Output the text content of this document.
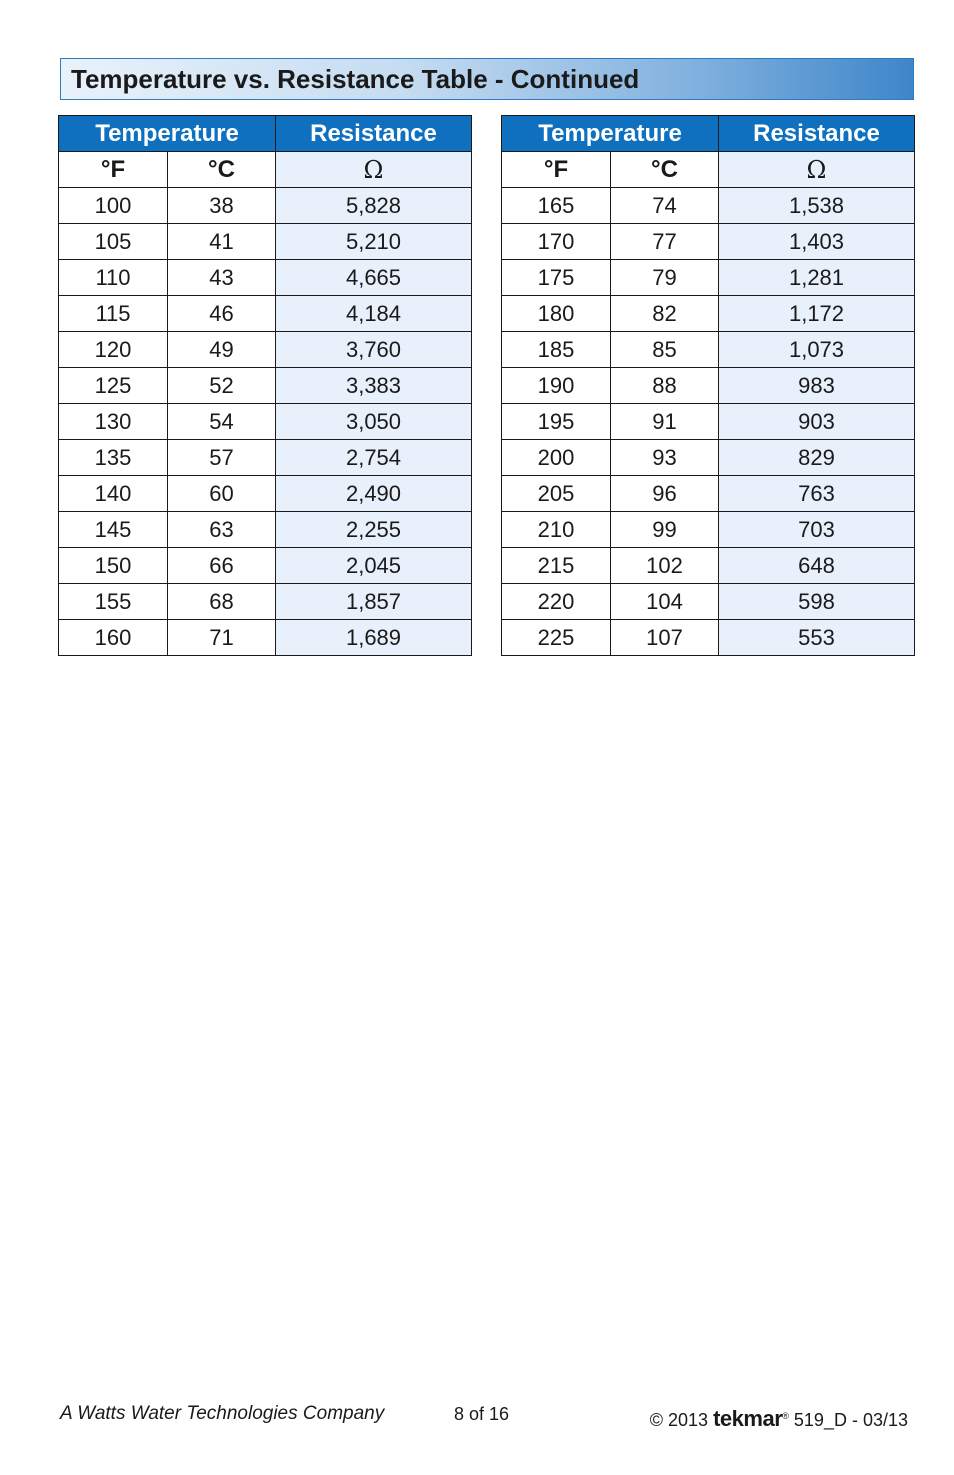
Temperature vs. Resistance Table - Continued
Temperature		Resistance
°F	°C	Ω
100	38	5,828
105	41	5,210
110	43	4,665
115	46	4,184
120	49	3,760
125	52	3,383
130	54	3,050
135	57	2,754
140	60	2,490
145	63	2,255
150	66	2,045
155	68	1,857
160	71	1,689
Temperature		Resistance
°F	°C	Ω
165	74	1,538
170	77	1,403
175	79	1,281
180	82	1,172
185	85	1,073
190	88	983
195	91	903
200	93	829
205	96	763
210	99	703
215	102	648
220	104	598
225	107	553
A Watts Water Technologies Company	8 of 16	© 2013 tekmar® 519_D - 03/13
